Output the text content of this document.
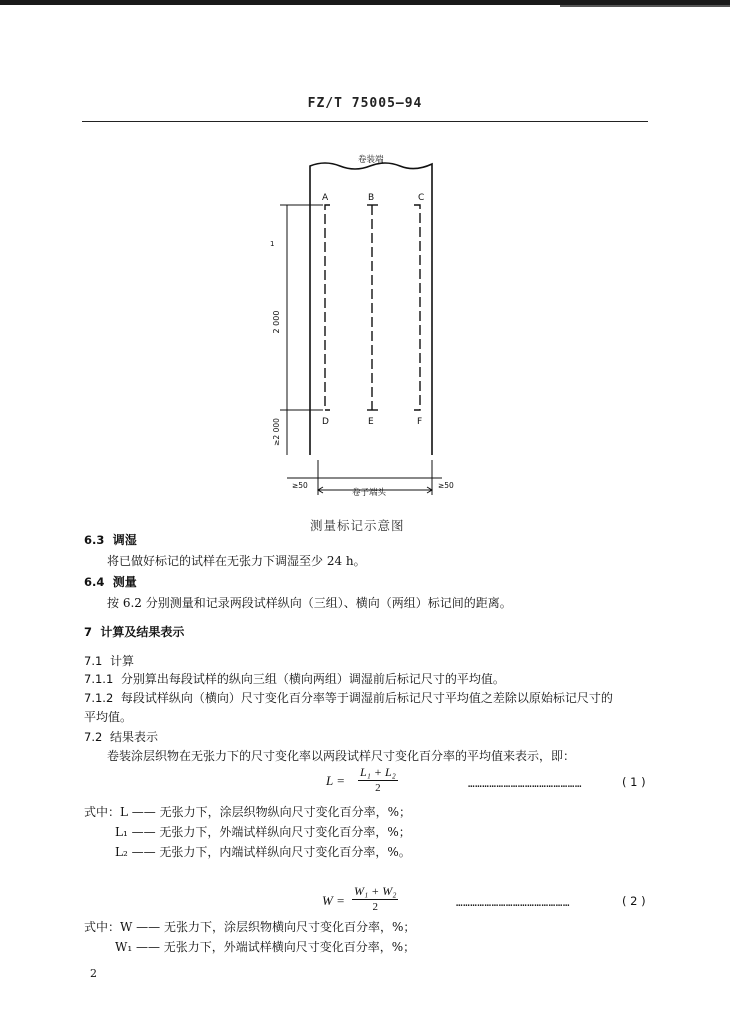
FZ/T 75005—94
卷装端
A	B	C
D	E	F
1
2 000
≥2 000
≥50	≥50
卷子端头
测量标记示意图
6.3 调湿
将已做好标记的试样在无张力下调湿至少 24 h。
6.4 测量
按 6.2 分别测量和记录两段试样纵向（三组）、横向（两组）标记间的距离。
7 计算及结果表示
7.1 计算
7.1.1 分别算出每段试样的纵向三组（横向两组）调湿前后标记尺寸的平均值。
7.1.2 每段试样纵向（横向）尺寸变化百分率等于调湿前后标记尺寸平均值之差除以原始标记尺寸的
平均值。
7.2 结果表示
卷装涂层织物在无张力下的尺寸变化率以两段试样尺寸变化百分率的平均值来表示，即：
$L = \frac{\text{L₁ + L₂}}{2}$	…………………………………………	( 1 )
式中：L —— 无张力下，涂层织物纵向尺寸变化百分率，%；
L₁ —— 无张力下，外端试样纵向尺寸变化百分率，%；
L₂ —— 无张力下，内端试样纵向尺寸变化百分率，%。
$W = \frac{\text{W₁ + W₂}}{2}$	…………………………………………	( 2 )
式中：W —— 无张力下，涂层织物横向尺寸变化百分率，%；
W₁ —— 无张力下，外端试样横向尺寸变化百分率，%；
2
